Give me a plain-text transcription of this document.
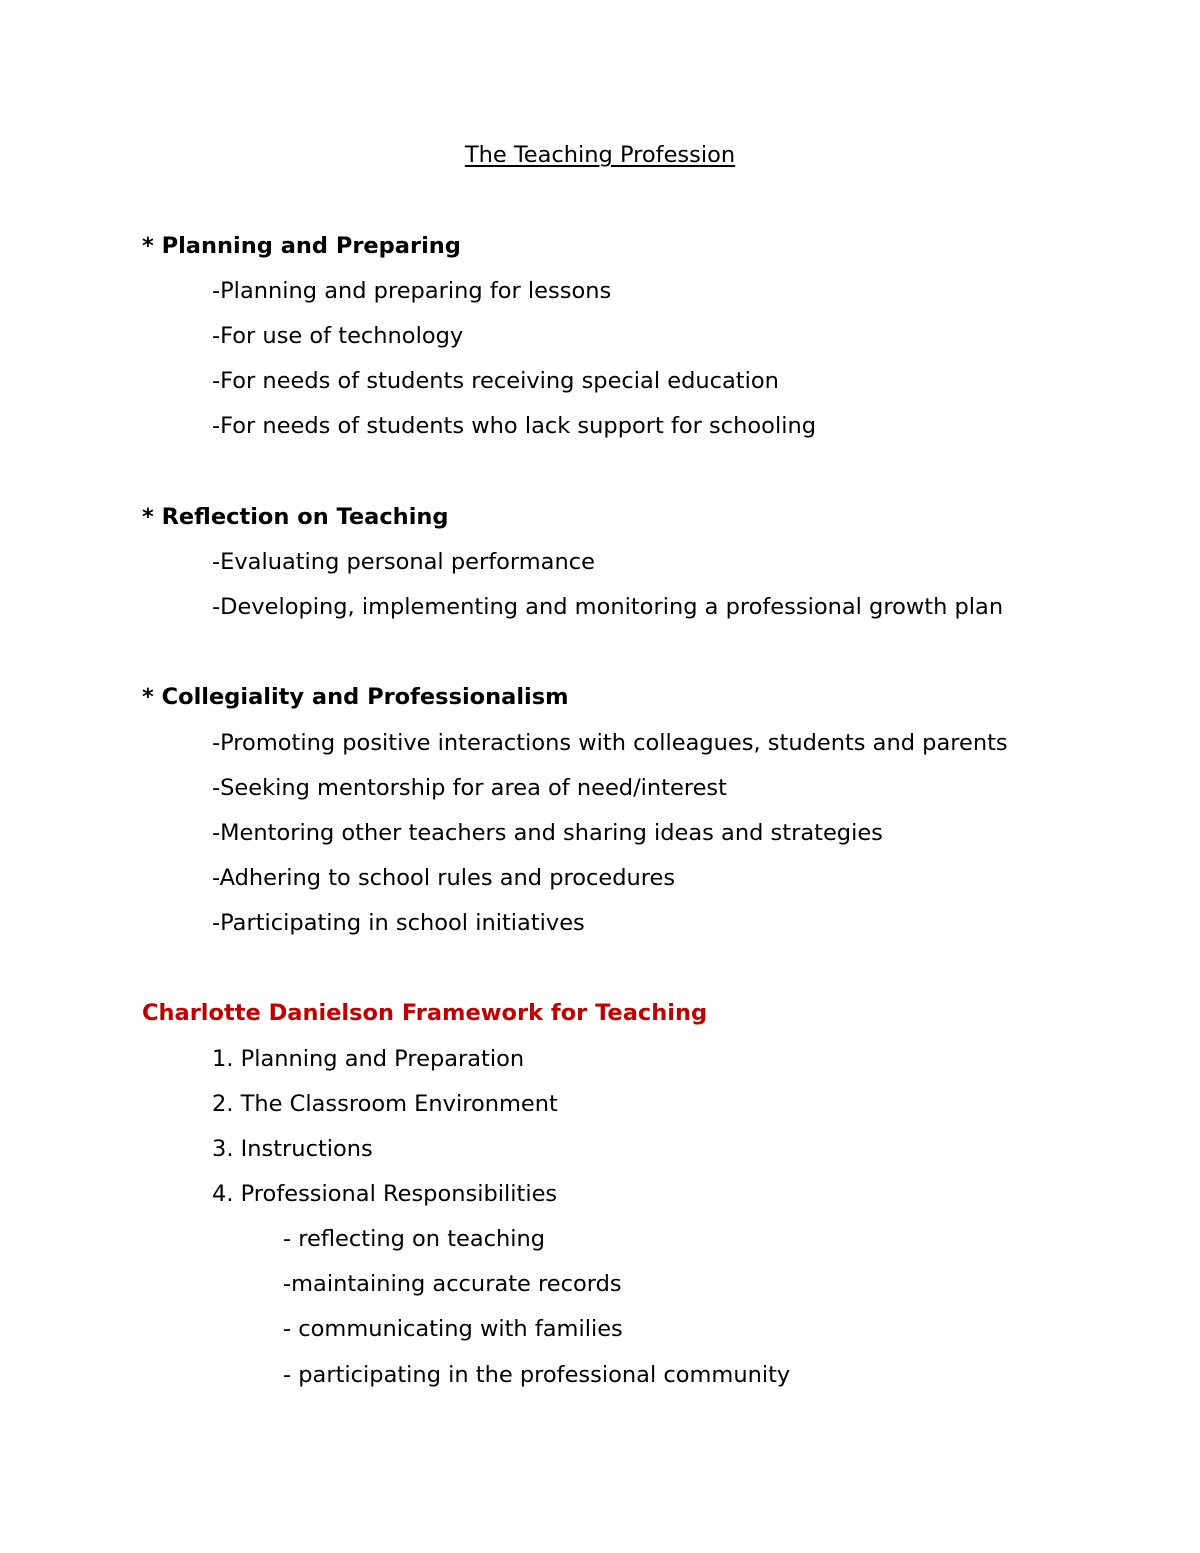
The Teaching Profession
* Planning and Preparing
-Planning and preparing for lessons
-For use of technology
-For needs of students receiving special education
-For needs of students who lack support for schooling
* Reflection on Teaching
-Evaluating personal performance
-Developing, implementing and monitoring a professional growth plan
* Collegiality and Professionalism
-Promoting positive interactions with colleagues, students and parents
-Seeking mentorship for area of need/interest
-Mentoring other teachers and sharing ideas and strategies
-Adhering to school rules and procedures
-Participating in school initiatives
Charlotte Danielson Framework for Teaching
1. Planning and Preparation
2. The Classroom Environment
3. Instructions
4. Professional Responsibilities
- reflecting on teaching
-maintaining accurate records
- communicating with families
- participating in the professional community
